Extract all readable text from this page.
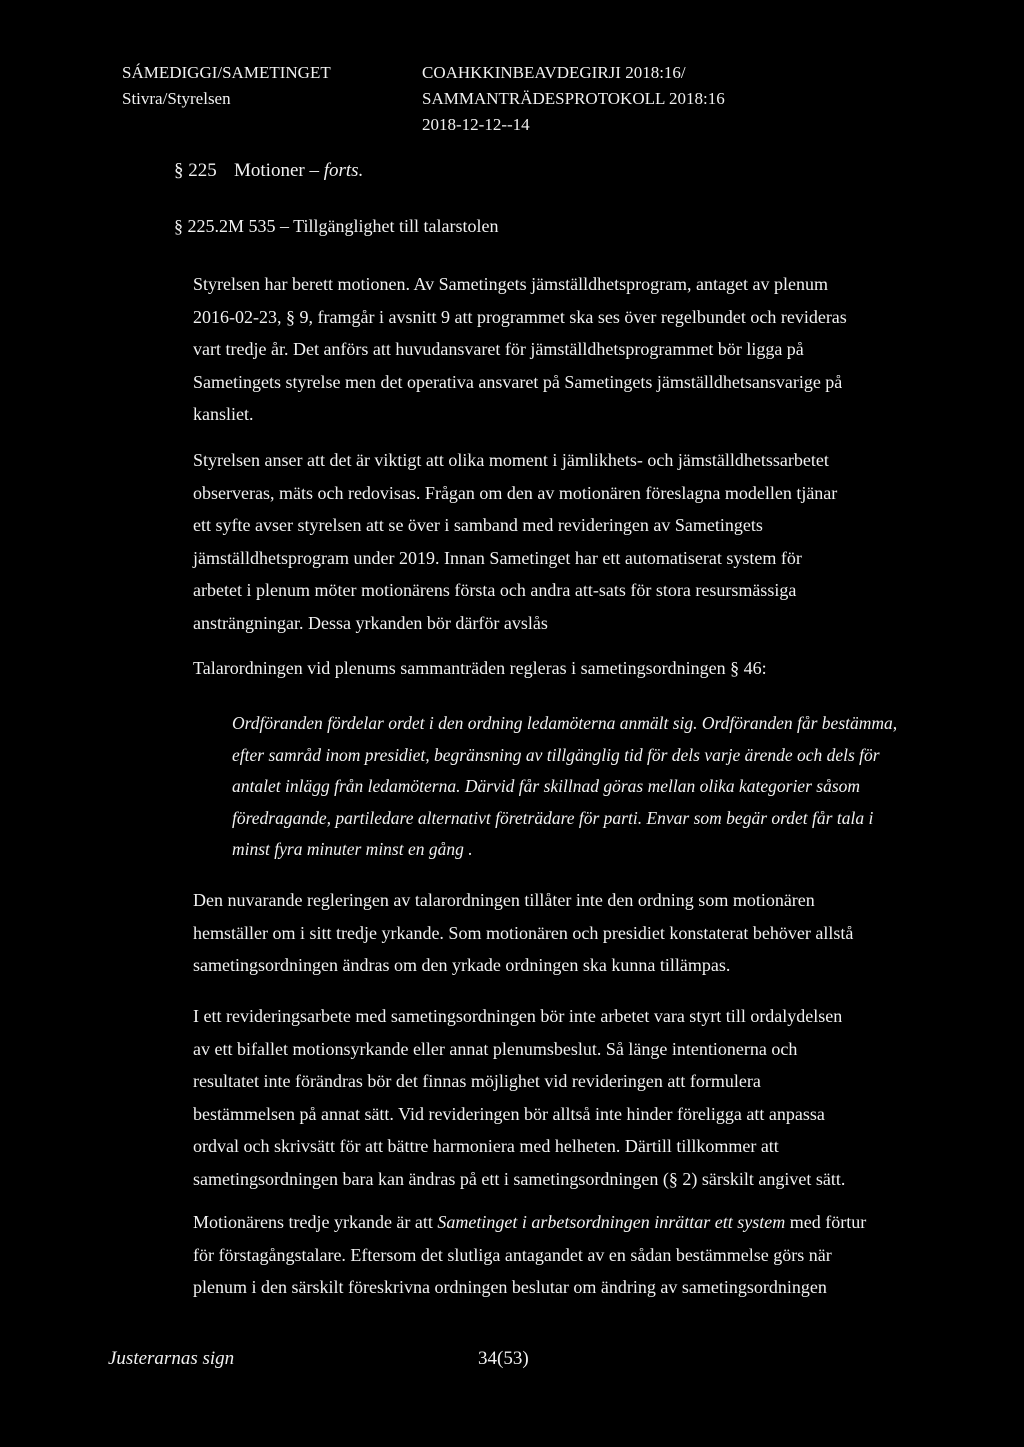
SÁMEDIGGI/SAMETINGET
Stivra/Styrelsen
COAHKKINBEAVDEGIRJI 2018:16/
SAMMANTRÄDESPROTOKOLL 2018:16
2018-12-12--14
§ 225 Motioner – forts.
§ 225.2M 535 – Tillgänglighet till talarstolen
Styrelsen har berett motionen. Av Sametingets jämställdhetsprogram, antaget av plenum
2016-02-23, § 9, framgår i avsnitt 9 att programmet ska ses över regelbundet och revideras
vart tredje år. Det anförs att huvudansvaret för jämställdhetsprogrammet bör ligga på
Sametingets styrelse men det operativa ansvaret på Sametingets jämställdhetsansvarige på
kansliet.
Styrelsen anser att det är viktigt att olika moment i jämlikhets- och jämställdhetssarbetet
observeras, mäts och redovisas. Frågan om den av motionären föreslagna modellen tjänar
ett syfte avser styrelsen att se över i samband med revideringen av Sametingets
jämställdhetsprogram under 2019. Innan Sametinget har ett automatiserat system för
arbetet i plenum möter motionärens första och andra att-sats för stora resursmässiga
ansträngningar. Dessa yrkanden bör därför avslås
Talarordningen vid plenums sammanträden regleras i sametingsordningen § 46:
Ordföranden fördelar ordet i den ordning ledamöterna anmält sig. Ordföranden får bestämma,
efter samråd inom presidiet, begränsning av tillgänglig tid för dels varje ärende och dels för
antalet inlägg från ledamöterna. Därvid får skillnad göras mellan olika kategorier såsom
föredragande, partiledare alternativt företrädare för parti. Envar som begär ordet får tala i
minst fyra minuter minst en gång .
Den nuvarande regleringen av talarordningen tillåter inte den ordning som motionären
hemställer om i sitt tredje yrkande. Som motionären och presidiet konstaterat behöver allstå
sametingsordningen ändras om den yrkade ordningen ska kunna tillämpas.
I ett revideringsarbete med sametingsordningen bör inte arbetet vara styrt till ordalydelsen
av ett bifallet motionsyrkande eller annat plenumsbeslut. Så länge intentionerna och
resultatet inte förändras bör det finnas möjlighet vid revideringen att formulera
bestämmelsen på annat sätt. Vid revideringen bör alltså inte hinder föreligga att anpassa
ordval och skrivsätt för att bättre harmoniera med helheten. Därtill tillkommer att
sametingsordningen bara kan ändras på ett i sametingsordningen (§ 2) särskilt angivet sätt.
Motionärens tredje yrkande är att Sametinget i arbetsordningen inrättar ett system med förtur
för förstagångstalare. Eftersom det slutliga antagandet av en sådan bestämmelse görs när
plenum i den särskilt föreskrivna ordningen beslutar om ändring av sametingsordningen
Justerarnas sign	34(53)
